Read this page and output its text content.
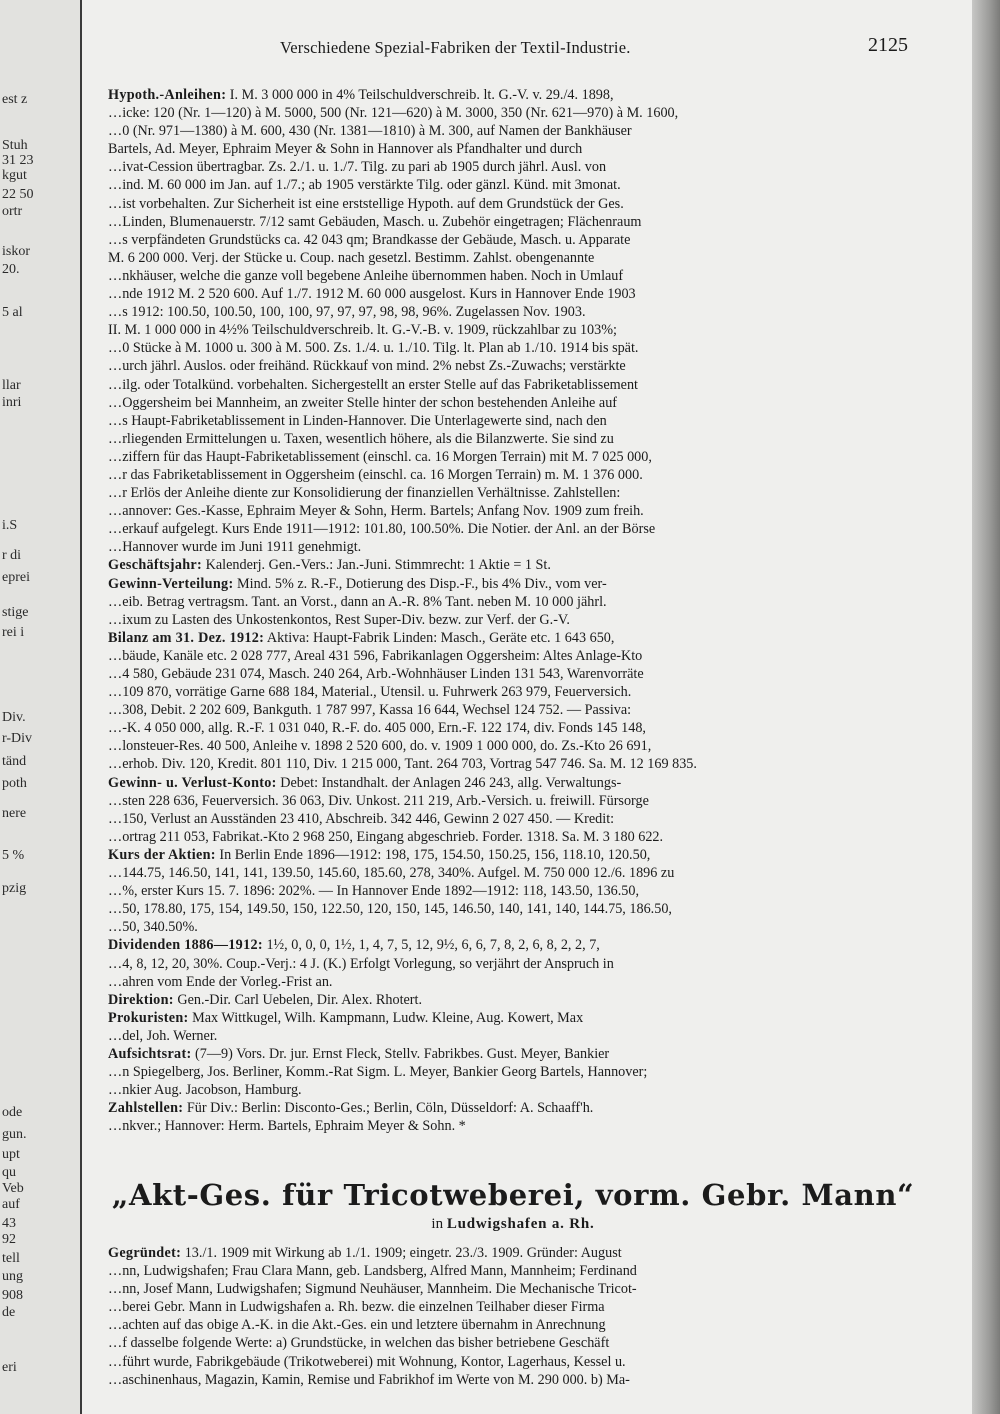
est z
Stuh
31 23
kgut
22 50
ortr
iskor
20.
5 al
llar
inri
i.S
r di
eprei
stige
rei i
Div.
r-Div
tänd
poth
nere
5 %
pzig
ode
gun.
upt
qu
Veb
auf
43
92
tell
ung
908
de
eri
Verschiedene Spezial-Fabriken der Textil-Industrie.	2125
Hypoth.-Anleihen: I. M. 3 000 000 in 4% Teilschuldverschreib. lt. G.-V. v. 29./4. 1898,
…icke: 120 (Nr. 1—120) à M. 5000, 500 (Nr. 121—620) à M. 3000, 350 (Nr. 621—970) à M. 1600,
…0 (Nr. 971—1380) à M. 600, 430 (Nr. 1381—1810) à M. 300, auf Namen der Bankhäuser
Bartels, Ad. Meyer, Ephraim Meyer & Sohn in Hannover als Pfandhalter und durch
…ivat-Cession übertragbar. Zs. 2./1. u. 1./7. Tilg. zu pari ab 1905 durch jährl. Ausl. von
…ind. M. 60 000 im Jan. auf 1./7.; ab 1905 verstärkte Tilg. oder gänzl. Künd. mit 3monat.
…ist vorbehalten. Zur Sicherheit ist eine erststellige Hypoth. auf dem Grundstück der Ges.
…Linden, Blumenauerstr. 7/12 samt Gebäuden, Masch. u. Zubehör eingetragen; Flächenraum
…s verpfändeten Grundstücks ca. 42 043 qm; Brandkasse der Gebäude, Masch. u. Apparate
M. 6 200 000. Verj. der Stücke u. Coup. nach gesetzl. Bestimm. Zahlst. obengenannte
…nkhäuser, welche die ganze voll begebene Anleihe übernommen haben. Noch in Umlauf
…nde 1912 M. 2 520 600. Auf 1./7. 1912 M. 60 000 ausgelost. Kurs in Hannover Ende 1903
…s 1912: 100.50, 100.50, 100, 100, 97, 97, 97, 98, 98, 96%. Zugelassen Nov. 1903.
II. M. 1 000 000 in 4½% Teilschuldverschreib. lt. G.-V.-B. v. 1909, rückzahlbar zu 103%;
…0 Stücke à M. 1000 u. 300 à M. 500. Zs. 1./4. u. 1./10. Tilg. lt. Plan ab 1./10. 1914 bis spät.
…urch jährl. Auslos. oder freihänd. Rückkauf von mind. 2% nebst Zs.-Zuwachs; verstärkte
…ilg. oder Totalkünd. vorbehalten. Sichergestellt an erster Stelle auf das Fabriketablissement
…Oggersheim bei Mannheim, an zweiter Stelle hinter der schon bestehenden Anleihe auf
…s Haupt-Fabriketablissement in Linden-Hannover. Die Unterlagewerte sind, nach den
…rliegenden Ermittelungen u. Taxen, wesentlich höhere, als die Bilanzwerte. Sie sind zu
…ziffern für das Haupt-Fabriketablissement (einschl. ca. 16 Morgen Terrain) mit M. 7 025 000,
…r das Fabriketablissement in Oggersheim (einschl. ca. 16 Morgen Terrain) m. M. 1 376 000.
…r Erlös der Anleihe diente zur Konsolidierung der finanziellen Verhältnisse. Zahlstellen:
…annover: Ges.-Kasse, Ephraim Meyer & Sohn, Herm. Bartels; Anfang Nov. 1909 zum freih.
…erkauf aufgelegt. Kurs Ende 1911—1912: 101.80, 100.50%. Die Notier. der Anl. an der Börse
…Hannover wurde im Juni 1911 genehmigt.
Geschäftsjahr: Kalenderj. Gen.-Vers.: Jan.-Juni. Stimmrecht: 1 Aktie = 1 St.
Gewinn-Verteilung: Mind. 5% z. R.-F., Dotierung des Disp.-F., bis 4% Div., vom ver-
…eib. Betrag vertragsm. Tant. an Vorst., dann an A.-R. 8% Tant. neben M. 10 000 jährl.
…ixum zu Lasten des Unkostenkontos, Rest Super-Div. bezw. zur Verf. der G.-V.
Bilanz am 31. Dez. 1912: Aktiva: Haupt-Fabrik Linden: Masch., Geräte etc. 1 643 650,
…bäude, Kanäle etc. 2 028 777, Areal 431 596, Fabrikanlagen Oggersheim: Altes Anlage-Kto
…4 580, Gebäude 231 074, Masch. 240 264, Arb.-Wohnhäuser Linden 131 543, Warenvorräte
…109 870, vorrätige Garne 688 184, Material., Utensil. u. Fuhrwerk 263 979, Feuerversich.
…308, Debit. 2 202 609, Bankguth. 1 787 997, Kassa 16 644, Wechsel 124 752. — Passiva:
…-K. 4 050 000, allg. R.-F. 1 031 040, R.-F. do. 405 000, Ern.-F. 122 174, div. Fonds 145 148,
…lonsteuer-Res. 40 500, Anleihe v. 1898 2 520 600, do. v. 1909 1 000 000, do. Zs.-Kto 26 691,
…erhob. Div. 120, Kredit. 801 110, Div. 1 215 000, Tant. 264 703, Vortrag 547 746. Sa. M. 12 169 835.
Gewinn- u. Verlust-Konto: Debet: Instandhalt. der Anlagen 246 243, allg. Verwaltungs-
…sten 228 636, Feuerversich. 36 063, Div. Unkost. 211 219, Arb.-Versich. u. freiwill. Fürsorge
…150, Verlust an Ausständen 23 410, Abschreib. 342 446, Gewinn 2 027 450. — Kredit:
…ortrag 211 053, Fabrikat.-Kto 2 968 250, Eingang abgeschrieb. Forder. 1318. Sa. M. 3 180 622.
Kurs der Aktien: In Berlin Ende 1896—1912: 198, 175, 154.50, 150.25, 156, 118.10, 120.50,
…144.75, 146.50, 141, 141, 139.50, 145.60, 185.60, 278, 340%. Aufgel. M. 750 000 12./6. 1896 zu
…%, erster Kurs 15. 7. 1896: 202%. — In Hannover Ende 1892—1912: 118, 143.50, 136.50,
…50, 178.80, 175, 154, 149.50, 150, 122.50, 120, 150, 145, 146.50, 140, 141, 140, 144.75, 186.50,
…50, 340.50%.
Dividenden 1886—1912: 1½, 0, 0, 0, 1½, 1, 4, 7, 5, 12, 9½, 6, 6, 7, 8, 2, 6, 8, 2, 2, 7,
…4, 8, 12, 20, 30%. Coup.-Verj.: 4 J. (K.) Erfolgt Vorlegung, so verjährt der Anspruch in
…ahren vom Ende der Vorleg.-Frist an.
Direktion: Gen.-Dir. Carl Uebelen, Dir. Alex. Rhotert.
Prokuristen: Max Wittkugel, Wilh. Kampmann, Ludw. Kleine, Aug. Kowert, Max
…del, Joh. Werner.
Aufsichtsrat: (7—9) Vors. Dr. jur. Ernst Fleck, Stellv. Fabrikbes. Gust. Meyer, Bankier
…n Spiegelberg, Jos. Berliner, Komm.-Rat Sigm. L. Meyer, Bankier Georg Bartels, Hannover;
…nkier Aug. Jacobson, Hamburg.
Zahlstellen: Für Div.: Berlin: Disconto-Ges.; Berlin, Cöln, Düsseldorf: A. Schaaff'h.
…nkver.; Hannover: Herm. Bartels, Ephraim Meyer & Sohn. *
„Akt-Ges. für Tricotweberei, vorm. Gebr. Mann“
in Ludwigshafen a. Rh.
Gegründet: 13./1. 1909 mit Wirkung ab 1./1. 1909; eingetr. 23./3. 1909. Gründer: August
…nn, Ludwigshafen; Frau Clara Mann, geb. Landsberg, Alfred Mann, Mannheim; Ferdinand
…nn, Josef Mann, Ludwigshafen; Sigmund Neuhäuser, Mannheim. Die Mechanische Tricot-
…berei Gebr. Mann in Ludwigshafen a. Rh. bezw. die einzelnen Teilhaber dieser Firma
…achten auf das obige A.-K. in die Akt.-Ges. ein und letztere übernahm in Anrechnung
…f dasselbe folgende Werte: a) Grundstücke, in welchen das bisher betriebene Geschäft
…führt wurde, Fabrikgebäude (Trikotweberei) mit Wohnung, Kontor, Lagerhaus, Kessel u.
…aschinenhaus, Magazin, Kamin, Remise und Fabrikhof im Werte von M. 290 000. b) Ma-
